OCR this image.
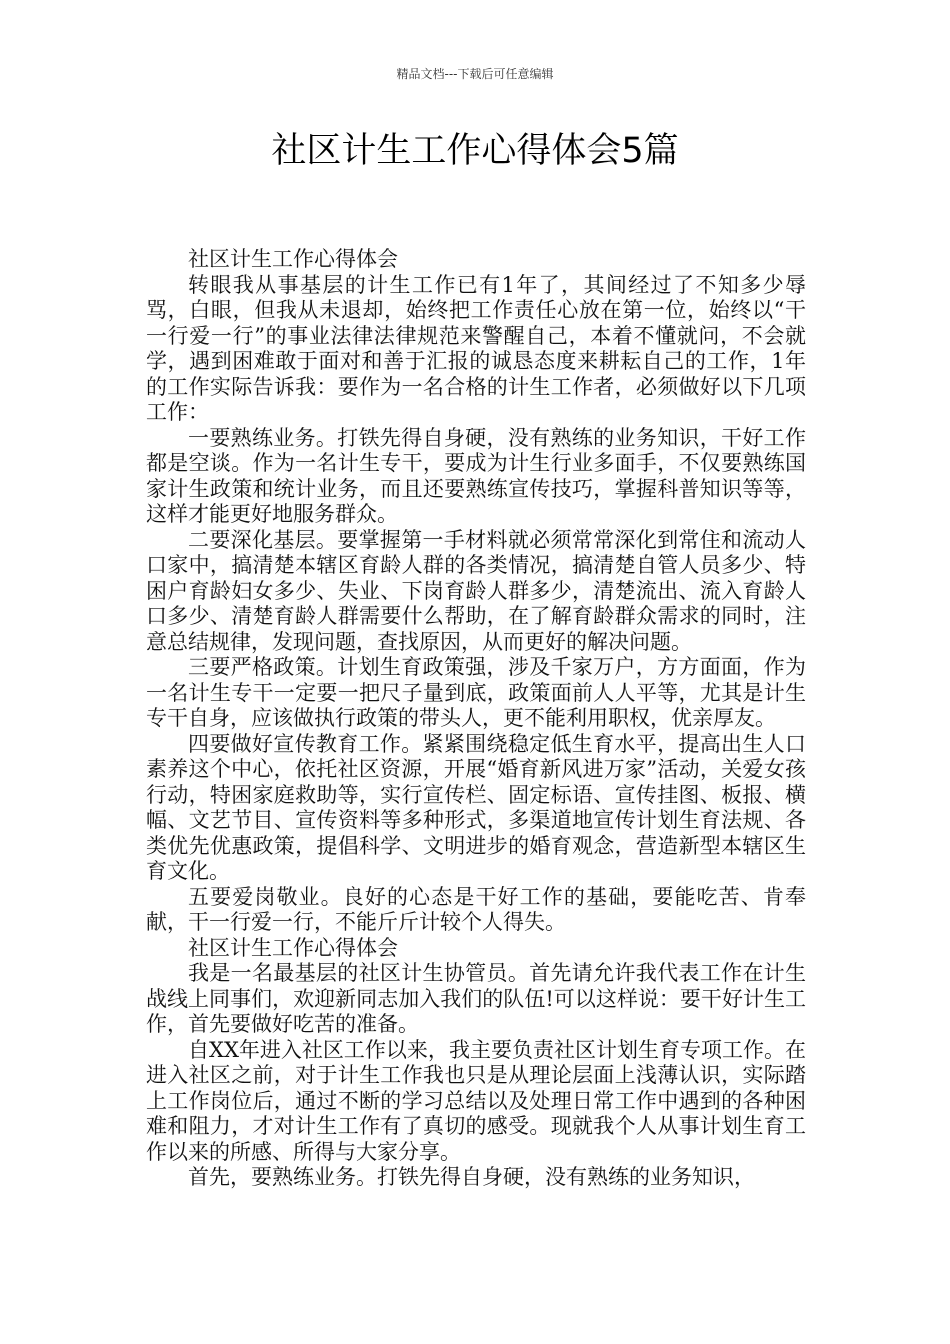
精品文档---下载后可任意编辑
社区计生工作心得体会5篇

社区计生工作心得体会

转眼我从事基层的计生工作已有1年了，其间经过了不知多少辱骂，白眼，但我从未退却，始终把工作责任心放在第一位，始终以“干一行爱一行”的事业法律法律规范来警醒自己，本着不懂就问，不会就学，遇到困难敢于面对和善于汇报的诚恳态度来耕耘自己的工作，1年的工作实际告诉我：要作为一名合格的计生工作者，必须做好以下几项工作：

一要熟练业务。打铁先得自身硬，没有熟练的业务知识，干好工作都是空谈。作为一名计生专干，要成为计生行业多面手，不仅要熟练国家计生政策和统计业务，而且还要熟练宣传技巧，掌握科普知识等等，这样才能更好地服务群众。

二要深化基层。要掌握第一手材料就必须常常深化到常住和流动人口家中，搞清楚本辖区育龄人群的各类情况，搞清楚自管人员多少、特困户育龄妇女多少、失业、下岗育龄人群多少，清楚流出、流入育龄人口多少、清楚育龄人群需要什么帮助，在了解育龄群众需求的同时，注意总结规律，发现问题，查找原因，从而更好的解决问题。

三要严格政策。计划生育政策强，涉及千家万户，方方面面，作为一名计生专干一定要一把尺子量到底，政策面前人人平等，尤其是计生专干自身，应该做执行政策的带头人，更不能利用职权，优亲厚友。

四要做好宣传教育工作。紧紧围绕稳定低生育水平，提高出生人口素养这个中心，依托社区资源，开展“婚育新风进万家”活动，关爱女孩行动，特困家庭救助等，实行宣传栏、固定标语、宣传挂图、板报、横幅、文艺节目、宣传资料等多种形式，多渠道地宣传计划生育法规、各类优先优惠政策，提倡科学、文明进步的婚育观念，营造新型本辖区生育文化。

五要爱岗敬业。良好的心态是干好工作的基础，要能吃苦、肯奉献，干一行爱一行，不能斤斤计较个人得失。

社区计生工作心得体会

我是一名最基层的社区计生协管员。首先请允许我代表工作在计生战线上同事们，欢迎新同志加入我们的队伍!可以这样说：要干好计生工作，首先要做好吃苦的准备。

自XX年进入社区工作以来，我主要负责社区计划生育专项工作。在进入社区之前，对于计生工作我也只是从理论层面上浅薄认识，实际踏上工作岗位后，通过不断的学习总结以及处理日常工作中遇到的各种困难和阻力，才对计生工作有了真切的感受。现就我个人从事计划生育工作以来的所感、所得与大家分享。

首先，要熟练业务。打铁先得自身硬，没有熟练的业务知识，
